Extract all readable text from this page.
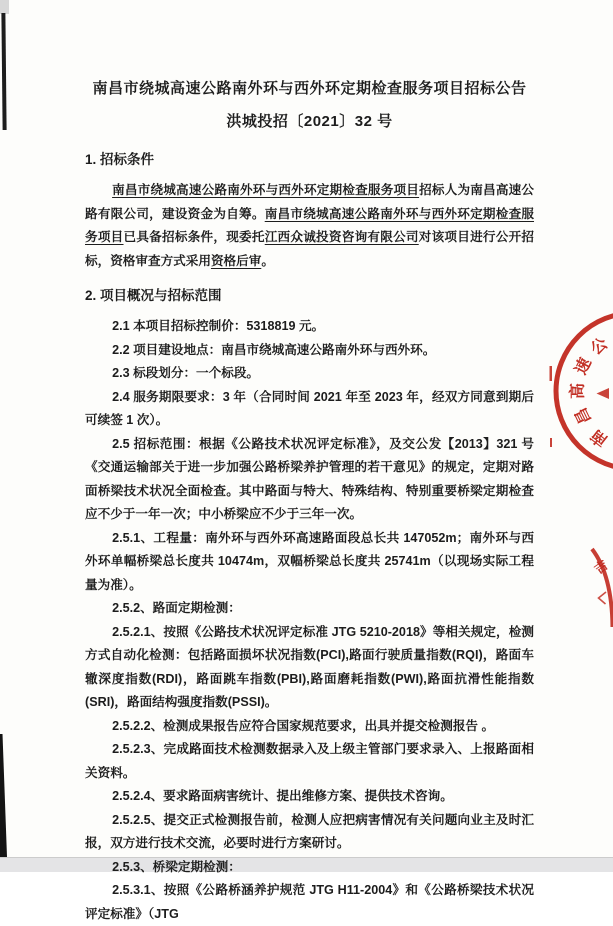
南昌市绕城高速公路南外环与西外环定期检查服务项目招标公告
洪城投招〔2021〕32 号
1. 招标条件

南昌市绕城高速公路南外环与西外环定期检查服务项目招标人为南昌高速公路有限公司，建设资金为自筹。南昌市绕城高速公路南外环与西外环定期检查服务项目已具备招标条件，现委托江西众诚投资咨询有限公司对该项目进行公开招标，资格审查方式采用资格后审。

2. 项目概况与招标范围

2.1 本项目招标控制价：5318819 元。

2.2 项目建设地点：南昌市绕城高速公路南外环与西外环。

2.3 标段划分：一个标段。

2.4 服务期限要求：3 年（合同时间 2021 年至 2023 年，经双方同意到期后可续签 1 次）。

2.5 招标范围：根据《公路技术状况评定标准》，及交公发【2013】321 号《交通运输部关于进一步加强公路桥梁养护管理的若干意见》的规定，定期对路面桥梁技术状况全面检查。其中路面与特大、特殊结构、特别重要桥梁定期检查应不少于一年一次；中小桥梁应不少于三年一次。

2.5.1、工程量：南外环与西外环高速路面段总长共 147052m；南外环与西外环单幅桥梁总长度共 10474m，双幅桥梁总长度共 25741m（以现场实际工程量为准）。

2.5.2、路面定期检测：

2.5.2.1、按照《公路技术状况评定标准 JTG 5210-2018》等相关规定，检测方式自动化检测：包括路面损坏状况指数(PCI),路面行驶质量指数(RQI)，路面车辙深度指数(RDI)，路面跳车指数(PBI),路面磨耗指数(PWI),路面抗滑性能指数(SRI)，路面结构强度指数(PSSI)。

2.5.2.2、检测成果报告应符合国家规范要求，出具并提交检测报告 。

2.5.2.3、完成路面技术检测数据录入及上级主管部门要求录入、上报路面相关资料。

2.5.2.4、要求路面病害统计、提出维修方案、提供技术咨询。

2.5.2.5、提交正式检测报告前，检测人应把病害情况有关问题向业主及时汇报，双方进行技术交流，必要时进行方案研讨。

2.5.3、桥梁定期检测：

2.5.3.1、按照《公路桥涵养护规范 JTG H11-2004》和《公路桥梁技术状况评定标准》（JTG

南
昌
高
速
公
吉
